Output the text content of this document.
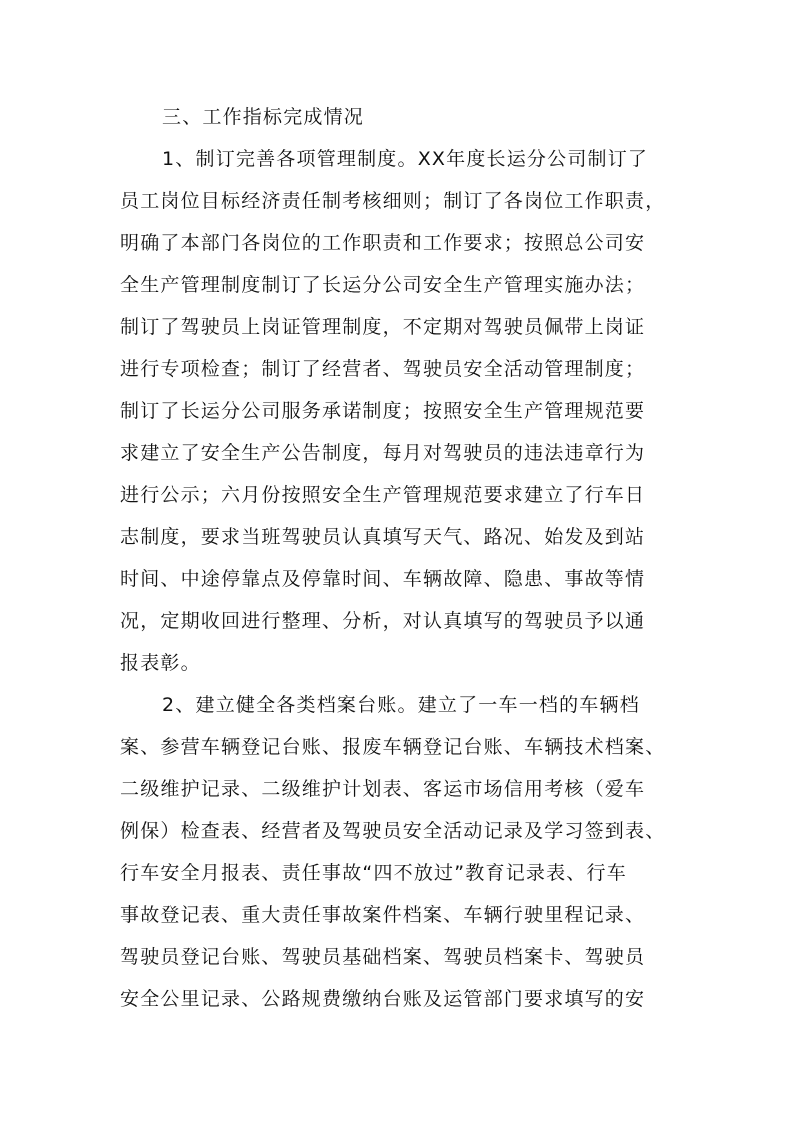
三、工作指标完成情况
1、制订完善各项管理制度。XX年度长运分公司制订了
员工岗位目标经济责任制考核细则；制订了各岗位工作职责，
明确了本部门各岗位的工作职责和工作要求；按照总公司安
全生产管理制度制订了长运分公司安全生产管理实施办法；
制订了驾驶员上岗证管理制度，不定期对驾驶员佩带上岗证
进行专项检查；制订了经营者、驾驶员安全活动管理制度；
制订了长运分公司服务承诺制度；按照安全生产管理规范要
求建立了安全生产公告制度，每月对驾驶员的违法违章行为
进行公示；六月份按照安全生产管理规范要求建立了行车日
志制度，要求当班驾驶员认真填写天气、路况、始发及到站
时间、中途停靠点及停靠时间、车辆故障、隐患、事故等情
况，定期收回进行整理、分析，对认真填写的驾驶员予以通
报表彰。
2、建立健全各类档案台账。建立了一车一档的车辆档
案、参营车辆登记台账、报废车辆登记台账、车辆技术档案、
二级维护记录、二级维护计划表、客运市场信用考核（爱车
例保）检查表、经营者及驾驶员安全活动记录及学习签到表、
行车安全月报表、责任事故“四不放过”教育记录表、行车
事故登记表、重大责任事故案件档案、车辆行驶里程记录、
驾驶员登记台账、驾驶员基础档案、驾驶员档案卡、驾驶员
安全公里记录、公路规费缴纳台账及运管部门要求填写的安
